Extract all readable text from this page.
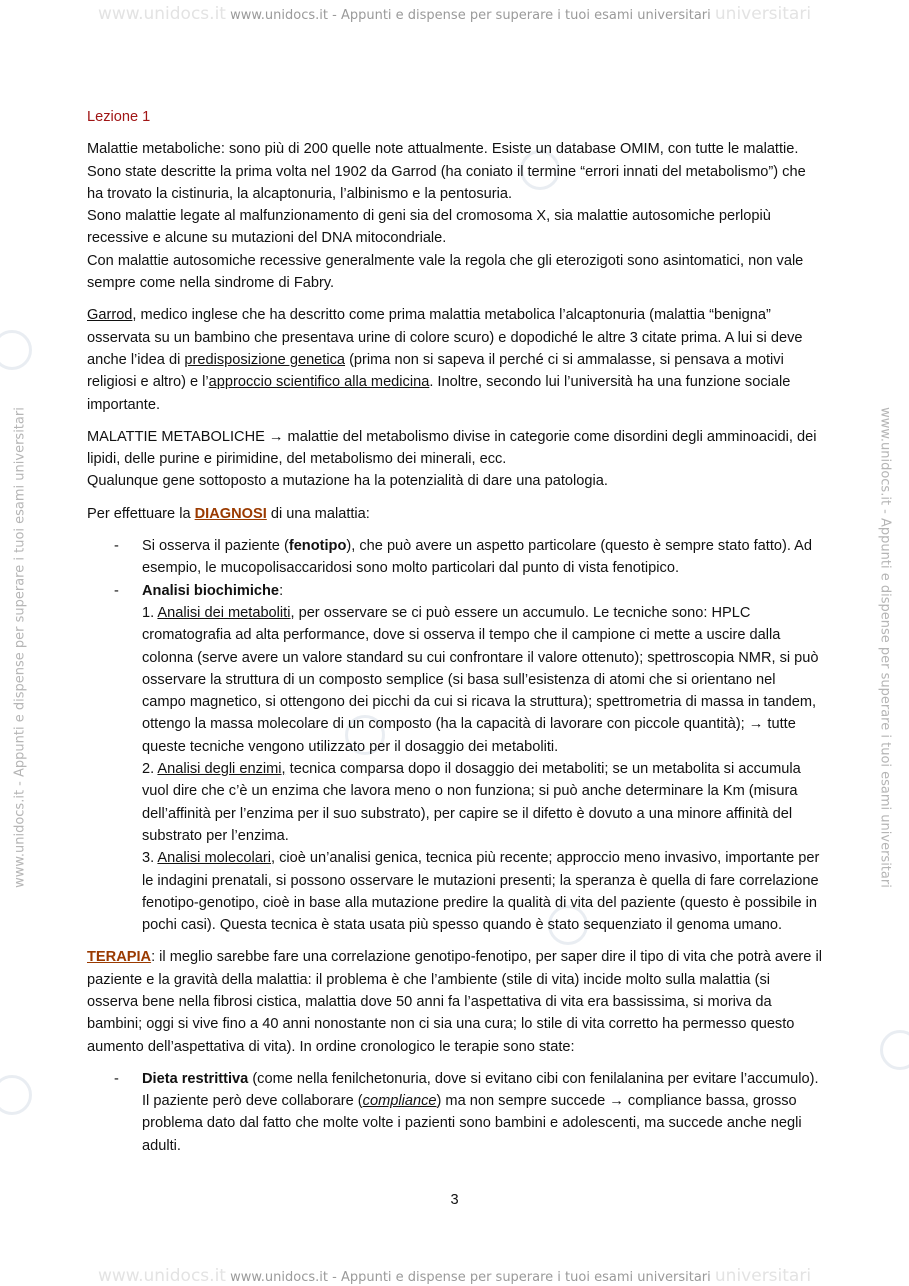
www.unidocs.it www.unidocs.it - Appunti e dispense per superare i tuoi esami universitari universitari
www.unidocs.it - Appunti e dispense per superare i tuoi esami universitari	www.unidocs.it - Appunti e dispense per superare i tuoi esami universitari
www.unidocs.it www.unidocs.it - Appunti e dispense per superare i tuoi esami universitari universitari

Lezione 1

Malattie metaboliche: sono più di 200 quelle note attualmente. Esiste un database OMIM, con tutte le malattie. Sono state descritte la prima volta nel 1902 da Garrod (ha coniato il termine “errori innati del metabolismo”) che ha trovato la cistinuria, la alcaptonuria, l’albinismo e la pentosuria.
Sono malattie legate al malfunzionamento di geni sia del cromosoma X, sia malattie autosomiche perlopiù recessive e alcune su mutazioni del DNA mitocondriale.
Con malattie autosomiche recessive generalmente vale la regola che gli eterozigoti sono asintomatici, non vale sempre come nella sindrome di Fabry.

Garrod, medico inglese che ha descritto come prima malattia metabolica l’alcaptonuria (malattia “benigna” osservata su un bambino che presentava urine di colore scuro) e dopodiché le altre 3 citate prima. A lui si deve anche l’idea di predisposizione genetica (prima non si sapeva il perché ci si ammalasse, si pensava a motivi religiosi e altro) e l’approccio scientifico alla medicina. Inoltre, secondo lui l’università ha una funzione sociale importante.

MALATTIE METABOLICHE → malattie del metabolismo divise in categorie come disordini degli amminoacidi, dei lipidi, delle purine e pirimidine, del metabolismo dei minerali, ecc.
Qualunque gene sottoposto a mutazione ha la potenzialità di dare una patologia.

Per effettuare la DIAGNOSI di una malattia:

- Si osserva il paziente (fenotipo), che può avere un aspetto particolare (questo è sempre stato fatto). Ad esempio, le mucopolisaccaridosi sono molto particolari dal punto di vista fenotipico.
- Analisi biochimiche:
1. Analisi dei metaboliti, per osservare se ci può essere un accumulo. Le tecniche sono: HPLC cromatografia ad alta performance, dove si osserva il tempo che il campione ci mette a uscire dalla colonna (serve avere un valore standard su cui confrontare il valore ottenuto); spettroscopia NMR, si può osservare la struttura di un composto semplice (si basa sull’esistenza di atomi che si orientano nel campo magnetico, si ottengono dei picchi da cui si ricava la struttura); spettrometria di massa in tandem, ottengo la massa molecolare di un composto (ha la capacità di lavorare con piccole quantità); → tutte queste tecniche vengono utilizzato per il dosaggio dei metaboliti.
2. Analisi degli enzimi, tecnica comparsa dopo il dosaggio dei metaboliti; se un metabolita si accumula vuol dire che c’è un enzima che lavora meno o non funziona; si può anche determinare la Km (misura dell’affinità per l’enzima per il suo substrato), per capire se il difetto è dovuto a una minore affinità del substrato per l’enzima.
3. Analisi molecolari, cioè un’analisi genica, tecnica più recente; approccio meno invasivo, importante per le indagini prenatali, si possono osservare le mutazioni presenti; la speranza è quella di fare correlazione fenotipo-genotipo, cioè in base alla mutazione predire la qualità di vita del paziente (questo è possibile in pochi casi). Questa tecnica è stata usata più spesso quando è stato sequenziato il genoma umano.

TERAPIA: il meglio sarebbe fare una correlazione genotipo-fenotipo, per saper dire il tipo di vita che potrà avere il paziente e la gravità della malattia: il problema è che l’ambiente (stile di vita) incide molto sulla malattia (si osserva bene nella fibrosi cistica, malattia dove 50 anni fa l’aspettativa di vita era bassissima, si moriva da bambini; oggi si vive fino a 40 anni nonostante non ci sia una cura; lo stile di vita corretto ha permesso questo aumento dell’aspettativa di vita). In ordine cronologico le terapie sono state:

- Dieta restrittiva (come nella fenilchetonuria, dove si evitano cibi con fenilalanina per evitare l’accumulo). Il paziente però deve collaborare (compliance) ma non sempre succede → compliance bassa, grosso problema dato dal fatto che molte volte i pazienti sono bambini e adolescenti, ma succede anche negli adulti.
3
